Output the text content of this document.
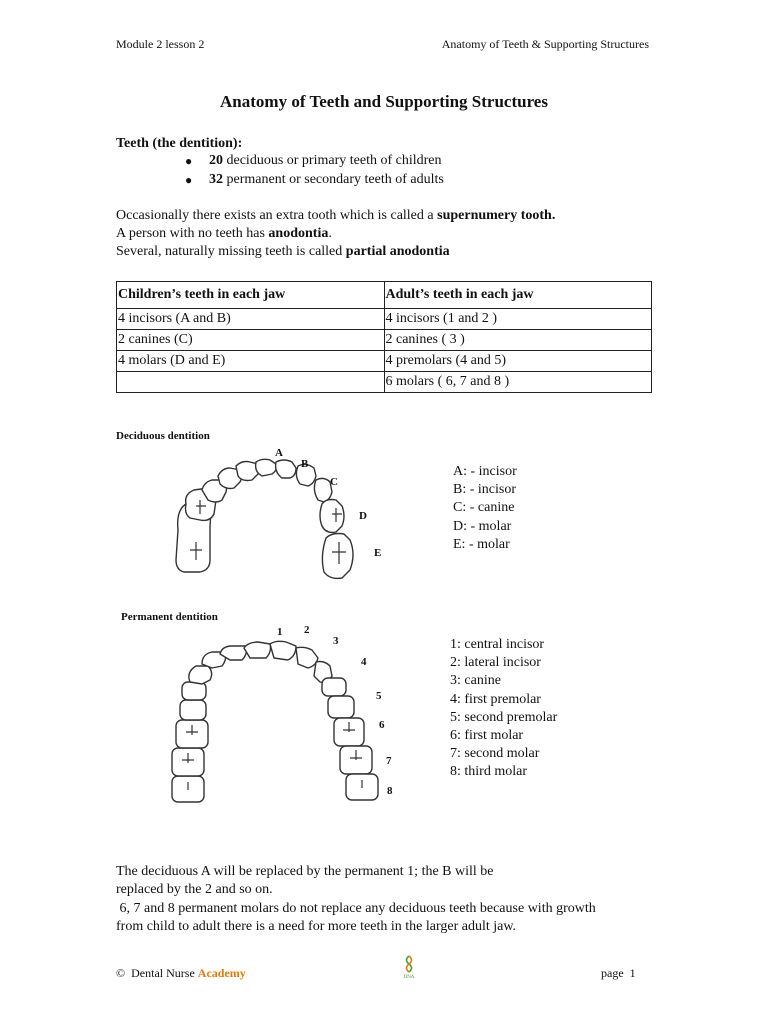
Module 2 lesson 2	Anatomy of Teeth & Supporting Structures
Anatomy of Teeth and Supporting Structures
Teeth (the dentition):
● 20 deciduous or primary teeth of children
● 32 permanent or secondary teeth of adults
Occasionally there exists an extra tooth which is called a supernumery tooth.
A person with no teeth has anodontia.
Several, naturally missing teeth is called partial anodontia
Children’s teeth in each jaw	Adult’s teeth in each jaw
4 incisors (A and B)	4 incisors (1 and 2 )
2 canines (C)	2 canines ( 3 )
4 molars (D and E)	4 premolars (4 and 5)
	6 molars ( 6, 7 and 8 )
Deciduous dentition
A
B
C
D
E
A: - incisor
B: - incisor
C: - canine
D: - molar
E: - molar
Permanent dentition
1 2
3
4
5
6
7
8
1: central incisor
2: lateral incisor
3: canine
4: first premolar
5: second premolar
6: first molar
7: second molar
8: third molar
The deciduous A will be replaced by the permanent 1; the B will be
replaced by the 2 and so on.
6, 7 and 8 permanent molars do not replace any deciduous teeth because with growth
from child to adult there is a need for more teeth in the larger adult jaw.
© Dental Nurse Academy	DNA	page  1
